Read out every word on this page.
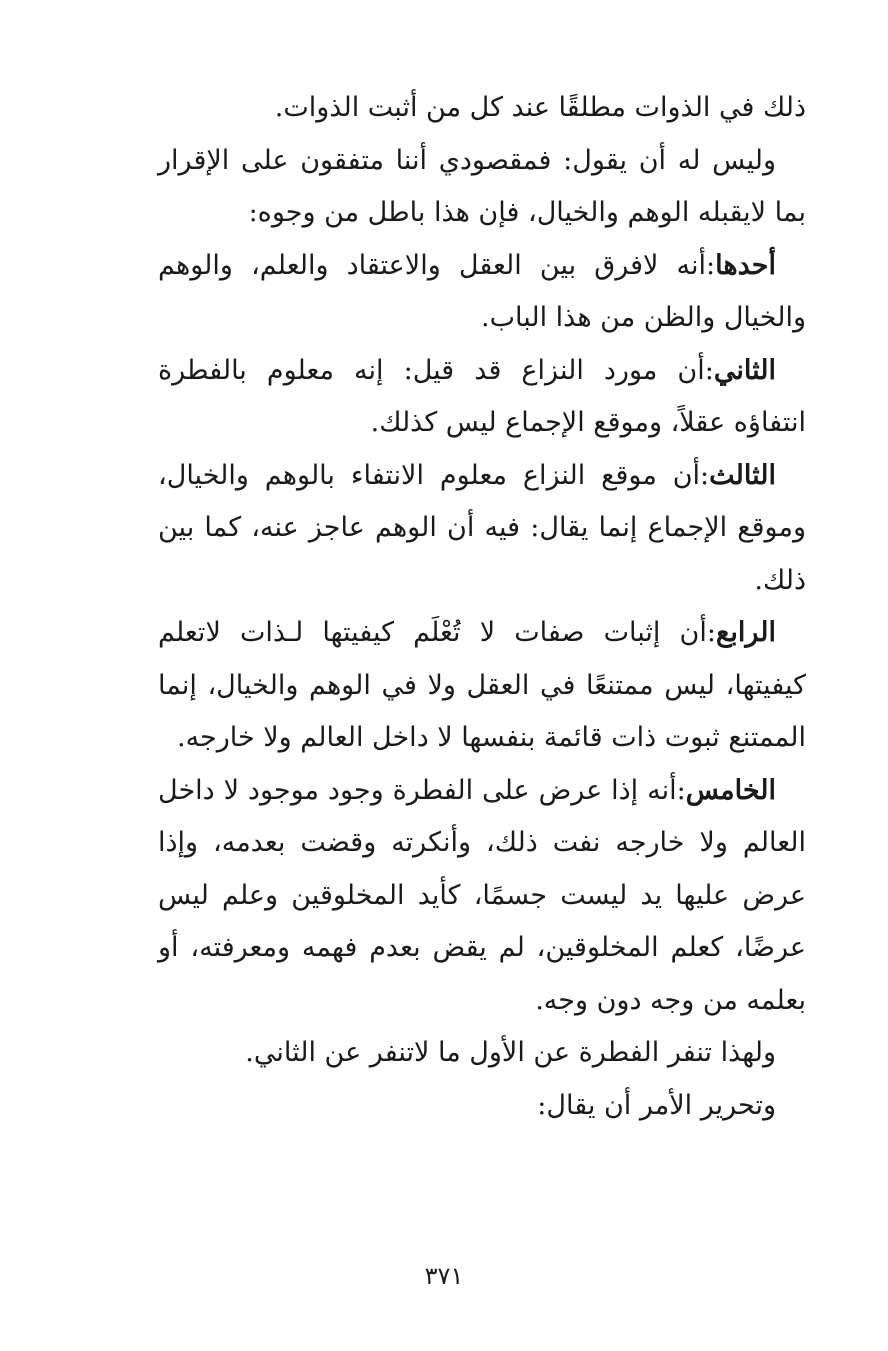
ذلك في الذوات مطلقًا عند كل من أثبت الذوات.

وليس له أن يقول: فمقصودي أننا متفقون على الإقرار بما لايقبله الوهم والخيال، فإن هذا باطل من وجوه:

أحدها:أنه لافرق بين العقل والاعتقاد والعلم، والوهم والخيال والظن من هذا الباب.

الثاني:أن مورد النزاع قد قيل: إنه معلوم بالفطرة انتفاؤه عقلاً، وموقع الإجماع ليس كذلك.

الثالث:أن موقع النزاع معلوم الانتفاء بالوهم والخيال، وموقع الإجماع إنما يقال: فيه أن الوهم عاجز عنه، كما بين ذلك.

الرابع:أن إثبات صفات لا تُعْلَم كيفيتها لـذات لاتعلم كيفيتها، ليس ممتنعًا في العقل ولا في الوهم والخيال، إنما الممتنع ثبوت ذات قائمة بنفسها لا داخل العالم ولا خارجه.

الخامس:أنه إذا عرض على الفطرة وجود موجود لا داخل العالم ولا خارجه نفت ذلك، وأنكرته وقضت بعدمه، وإذا عرض عليها يد ليست جسمًا، كأيد المخلوقين وعلم ليس عرضًا، كعلم المخلوقين، لم يقض بعدم فهمه ومعرفته، أو بعلمه من وجه دون وجه.

ولهذا تنفر الفطرة عن الأول ما لاتنفر عن الثاني.

وتحرير الأمر أن يقال:

٣٧١
